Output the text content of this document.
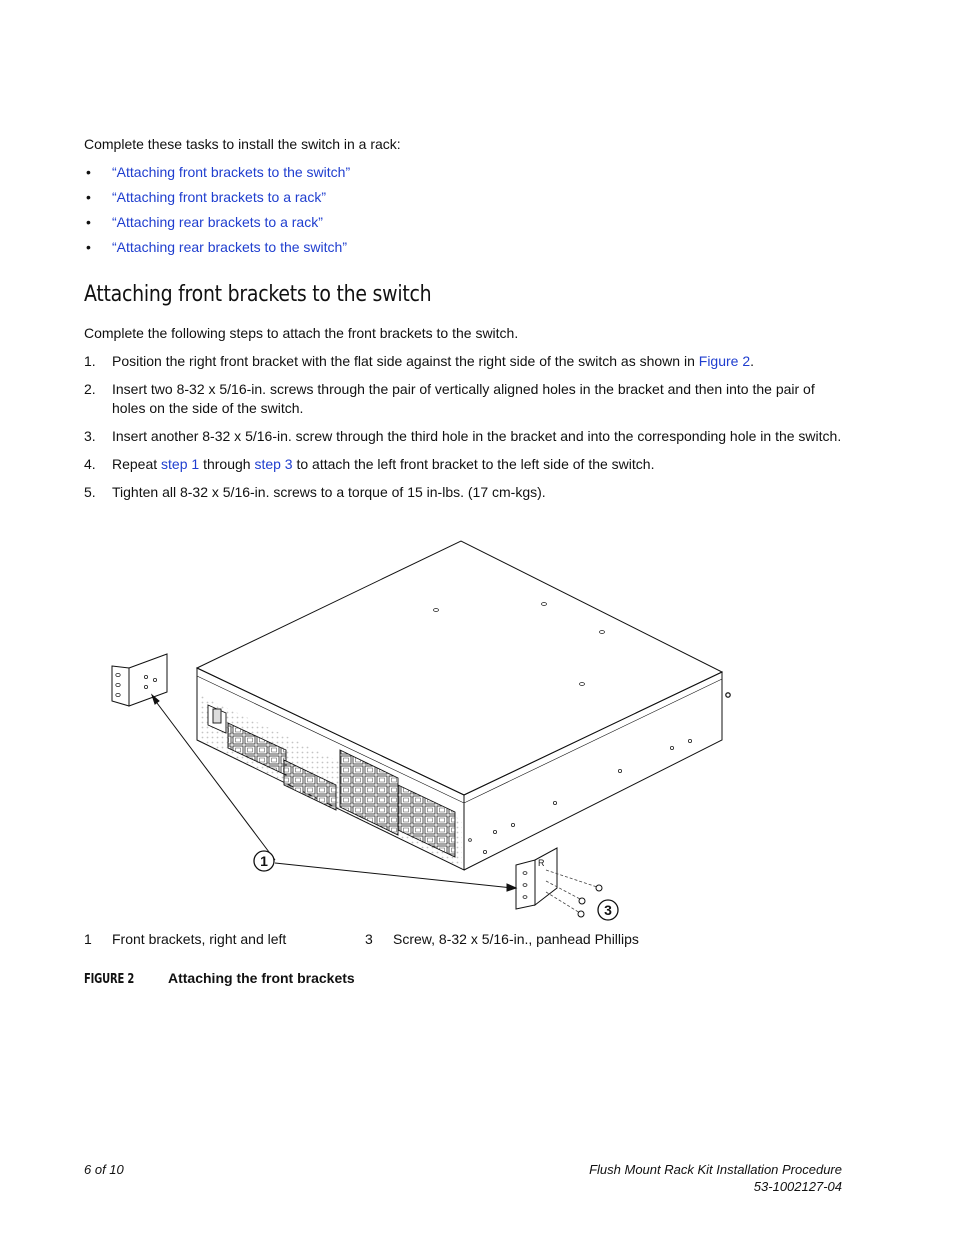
Complete these tasks to install the switch in a rack:
• “Attaching front brackets to the switch”
• “Attaching front brackets to a rack”
• “Attaching rear brackets to a rack”
• “Attaching rear brackets to the switch”
Attaching front brackets to the switch
Complete the following steps to attach the front brackets to the switch.
1. Position the right front bracket with the flat side against the right side of the switch as shown in Figure 2.
2. Insert two 8-32 x 5/16-in. screws through the pair of vertically aligned holes in the bracket and then into the pair of holes on the side of the switch.
3. Insert another 8-32 x 5/16-in. screw through the third hole in the bracket and into the corresponding hole in the switch.
4. Repeat step 1 through step 3 to attach the left front bracket to the left side of the switch.
5. Tighten all 8-32 x 5/16-in. screws to a torque of 15 in-lbs. (17 cm-kgs).
1
3
R
1 Front brackets, right and left	3 Screw, 8-32 x 5/16-in., panhead Phillips
FIGURE 2	Attaching the front brackets
6 of 10	Flush Mount Rack Kit Installation Procedure
53-1002127-04
